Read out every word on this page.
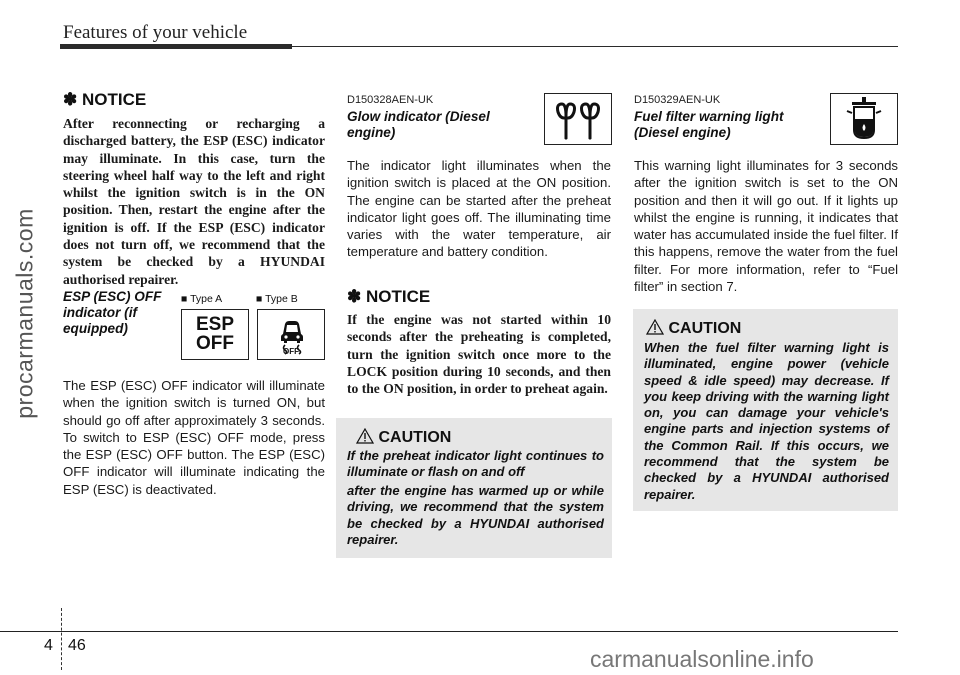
Features of your vehicle
procarmanuals.com
✽ NOTICE
After reconnecting or recharging a discharged battery, the ESP (ESC) indicator may illuminate. In this case, turn the steering wheel half way to the left and right whilst the ignition switch is in the ON position. Then, restart the engine after the ignition is off. If the ESP (ESC) indicator does not turn off, we recommend that the system be checked by a HYUNDAI authorised repairer.
ESP (ESC) OFF indicator (if equipped)
■ Type A	■ Type B
ESP
OFF	OFF
The ESP (ESC) OFF indicator will illuminate when the ignition switch is turned ON, but should go off after approximately 3 seconds. To switch to ESP (ESC) OFF mode, press the ESP (ESC) OFF button. The ESP (ESC) OFF indicator will illuminate indicating the ESP (ESC) is deactivated.
D150328AEN-UK
Glow indicator (Diesel engine)
The indicator light illuminates when the ignition switch is placed at the ON position. The engine can be started after the preheat indicator light goes off. The illuminating time varies with the water temperature, air temperature and battery condition.
✽ NOTICE
If the engine was not started within 10 seconds after the preheating is completed, turn the ignition switch once more to the LOCK position during 10 seconds, and then to the ON position, in order to preheat again.
CAUTION
If the preheat indicator light continues to illuminate or flash on and off
after the engine has warmed up or while driving, we recommend that the system be checked by a HYUNDAI authorised repairer.
D150329AEN-UK
Fuel filter warning light (Diesel engine)
This warning light illuminates for 3 seconds after the ignition switch is set to the ON position and then it will go out. If it lights up whilst the engine is running, it indicates that water has accumulated inside the fuel filter. If this happens, remove the water from the fuel filter. For more information, refer to “Fuel filter” in section 7.
CAUTION
When the fuel filter warning light is illuminated, engine power (vehicle speed & idle speed) may decrease. If you keep driving with the warning light on, you can damage your vehicle's engine parts and injection systems of the Common Rail. If this occurs, we recommend that the system be checked by a HYUNDAI authorised repairer.
4 46
carmanualsonline.info
